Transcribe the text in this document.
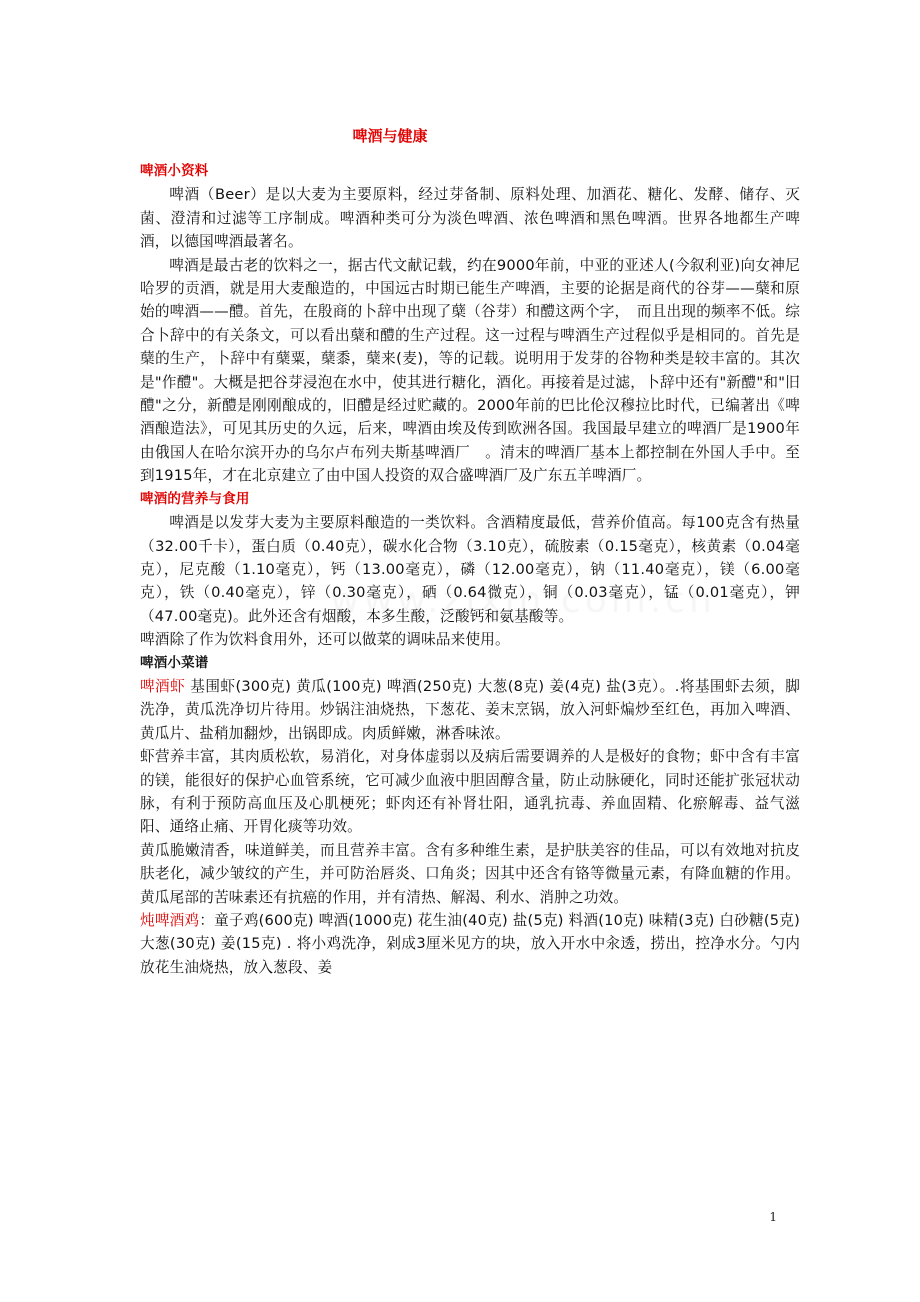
啤酒与健康

啤酒小资料

啤酒（Beer）是以大麦为主要原料，经过芽备制、原料处理、加酒花、糖化、发酵、储存、灭菌、澄清和过滤等工序制成。啤酒种类可分为淡色啤酒、浓色啤酒和黑色啤酒。世界各地都生产啤酒，以德国啤酒最著名。

啤酒是最古老的饮料之一，据古代文献记载，约在9000年前，中亚的亚述人(今叙利亚)向女神尼哈罗的贡酒，就是用大麦酿造的，中国远古时期已能生产啤酒，主要的论据是商代的谷芽——蘖和原始的啤酒——醴。首先，在殷商的卜辞中出现了蘖（谷芽）和醴这两个字，　而且出现的频率不低。综合卜辞中的有关条文，可以看出蘖和醴的生产过程。这一过程与啤酒生产过程似乎是相同的。首先是蘖的生产，卜辞中有蘖粟，蘖黍，蘖来(麦)，等的记载。说明用于发芽的谷物种类是较丰富的。其次是"作醴"。大概是把谷芽浸泡在水中，使其进行糖化，酒化。再接着是过滤，卜辞中还有"新醴"和"旧醴"之分，新醴是刚刚酿成的，旧醴是经过贮藏的。2000年前的巴比伦汉穆拉比时代，已编著出《啤酒酿造法》，可见其历史的久远，后来，啤酒由埃及传到欧洲各国。我国最早建立的啤酒厂是1900年由俄国人在哈尔滨开办的乌尔卢布列夫斯基啤酒厂　。清末的啤酒厂基本上都控制在外国人手中。至到1915年，才在北京建立了由中国人投资的双合盛啤酒厂及广东五羊啤酒厂。

啤酒的营养与食用

啤酒是以发芽大麦为主要原料酿造的一类饮料。含酒精度最低，营养价值高。每100克含有热量（32.00千卡），蛋白质（0.40克），碳水化合物（3.10克），硫胺素（0.15毫克），核黄素（0.04毫克），尼克酸（1.10毫克），钙（13.00毫克），磷（12.00毫克），钠（11.40毫克），镁（6.00毫克），铁（0.40毫克），锌（0.30毫克），硒（0.64微克），铜（0.03毫克），锰（0.01毫克），钾（47.00毫克)。此外还含有烟酸，本多生酸，泛酸钙和氨基酸等。

啤酒除了作为饮料食用外，还可以做菜的调味品来使用。

啤酒小菜谱

啤酒虾 基围虾(300克) 黄瓜(100克) 啤酒(250克) 大葱(8克) 姜(4克) 盐(3克）。.将基围虾去须，脚洗净，黄瓜洗净切片待用。炒锅注油烧热，下葱花、姜末烹锅，放入河虾煸炒至红色，再加入啤酒、黄瓜片、盐稍加翻炒，出锅即成。肉质鲜嫩，淋香味浓。

虾营养丰富，其肉质松软，易消化，对身体虚弱以及病后需要调养的人是极好的食物；虾中含有丰富的镁，能很好的保护心血管系统，它可减少血液中胆固醇含量，防止动脉硬化，同时还能扩张冠状动脉，有利于预防高血压及心肌梗死；虾肉还有补肾壮阳，通乳抗毒、养血固精、化瘀解毒、益气滋阳、通络止痛、开胃化痰等功效。

黄瓜脆嫩清香，味道鲜美，而且营养丰富。含有多种维生素，是护肤美容的佳品，可以有效地对抗皮肤老化，减少皱纹的产生，并可防治唇炎、口角炎；因其中还含有铬等微量元素，有降血糖的作用。黄瓜尾部的苦味素还有抗癌的作用，并有清热、解渴、利水、消肿之功效。

炖啤酒鸡：童子鸡(600克) 啤酒(1000克) 花生油(40克) 盐(5克) 料酒(10克) 味精(3克) 白砂糖(5克) 大葱(30克) 姜(15克) . 将小鸡洗净，剁成3厘米见方的块，放入开水中汆透，捞出，控净水分。勺内放花生油烧热，放入葱段、姜

1
